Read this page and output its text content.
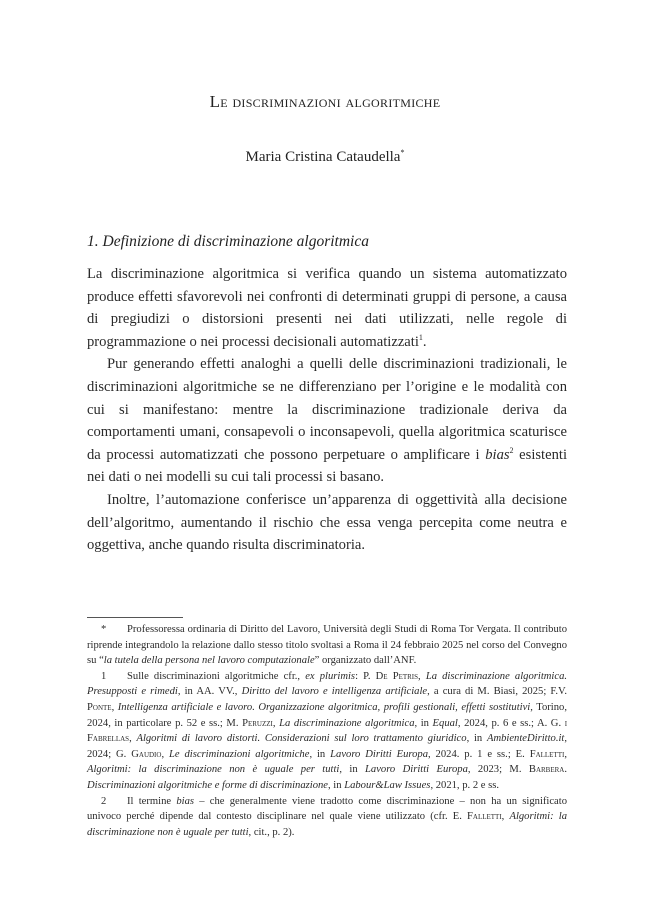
Le discriminazioni algoritmiche
Maria Cristina Cataudella*
1. Definizione di discriminazione algoritmica

La discriminazione algoritmica si verifica quando un sistema automatizzato produce effetti sfavorevoli nei confronti di determinati gruppi di persone, a causa di pregiudizi o distorsioni presenti nei dati utilizzati, nelle regole di programmazione o nei processi decisionali automatizzati$^1$.

Pur generando effetti analoghi a quelli delle discriminazioni tradizionali, le discriminazioni algoritmiche se ne differenziano per l’origine e le modalità con cui si manifestano: mentre la discriminazione tradizionale deriva da comportamenti umani, consapevoli o inconsapevoli, quella algoritmica scaturisce da processi automatizzati che possono perpetuare o amplificare i bias$^2$ esistenti nei dati o nei modelli su cui tali processi si basano.

Inoltre, l’automazione conferisce un’apparenza di oggettività alla decisione dell’algoritmo, aumentando il rischio che essa venga percepita come neutra e oggettiva, anche quando risulta discriminatoria.

* Professoressa ordinaria di Diritto del Lavoro, Università degli Studi di Roma Tor Vergata. Il contributo riprende integrandolo la relazione dallo stesso titolo svoltasi a Roma il 24 febbraio 2025 nel corso del Convegno su “la tutela della persona nel lavoro computazionale” organizzato dall’ANF.

1 Sulle discriminazioni algoritmiche cfr., ex plurimis: P. De Petris, La discriminazione algoritmica. Presupposti e rimedi, in AA. VV., Diritto del lavoro e intelligenza artificiale, a cura di M. Biasi, 2025; F.V. Ponte, Intelligenza artificiale e lavoro. Organizzazione algoritmica, profili gestionali, effetti sostitutivi, Torino, 2024, in particolare p. 52 e ss.; M. Peruzzi, La discriminazione algoritmica, in Equal, 2024, p. 6 e ss.; A. G. i Fabrellas, Algoritmi di lavoro distorti. Considerazioni sul loro trattamento giuridico, in AmbienteDiritto.it, 2024; G. Gaudio, Le discriminazioni algoritmiche, in Lavoro Diritti Europa, 2024. p. 1 e ss.; E. Falletti, Algoritmi: la discriminazione non è uguale per tutti, in Lavoro Diritti Europa, 2023; M. Barbera. Discriminazioni algoritmiche e forme di discriminazione, in Labour&Law Issues, 2021, p. 2 e ss.

2 Il termine bias – che generalmente viene tradotto come discriminazione – non ha un significato univoco perché dipende dal contesto disciplinare nel quale viene utilizzato (cfr. E. Falletti, Algoritmi: la discriminazione non è uguale per tutti, cit., p. 2).
